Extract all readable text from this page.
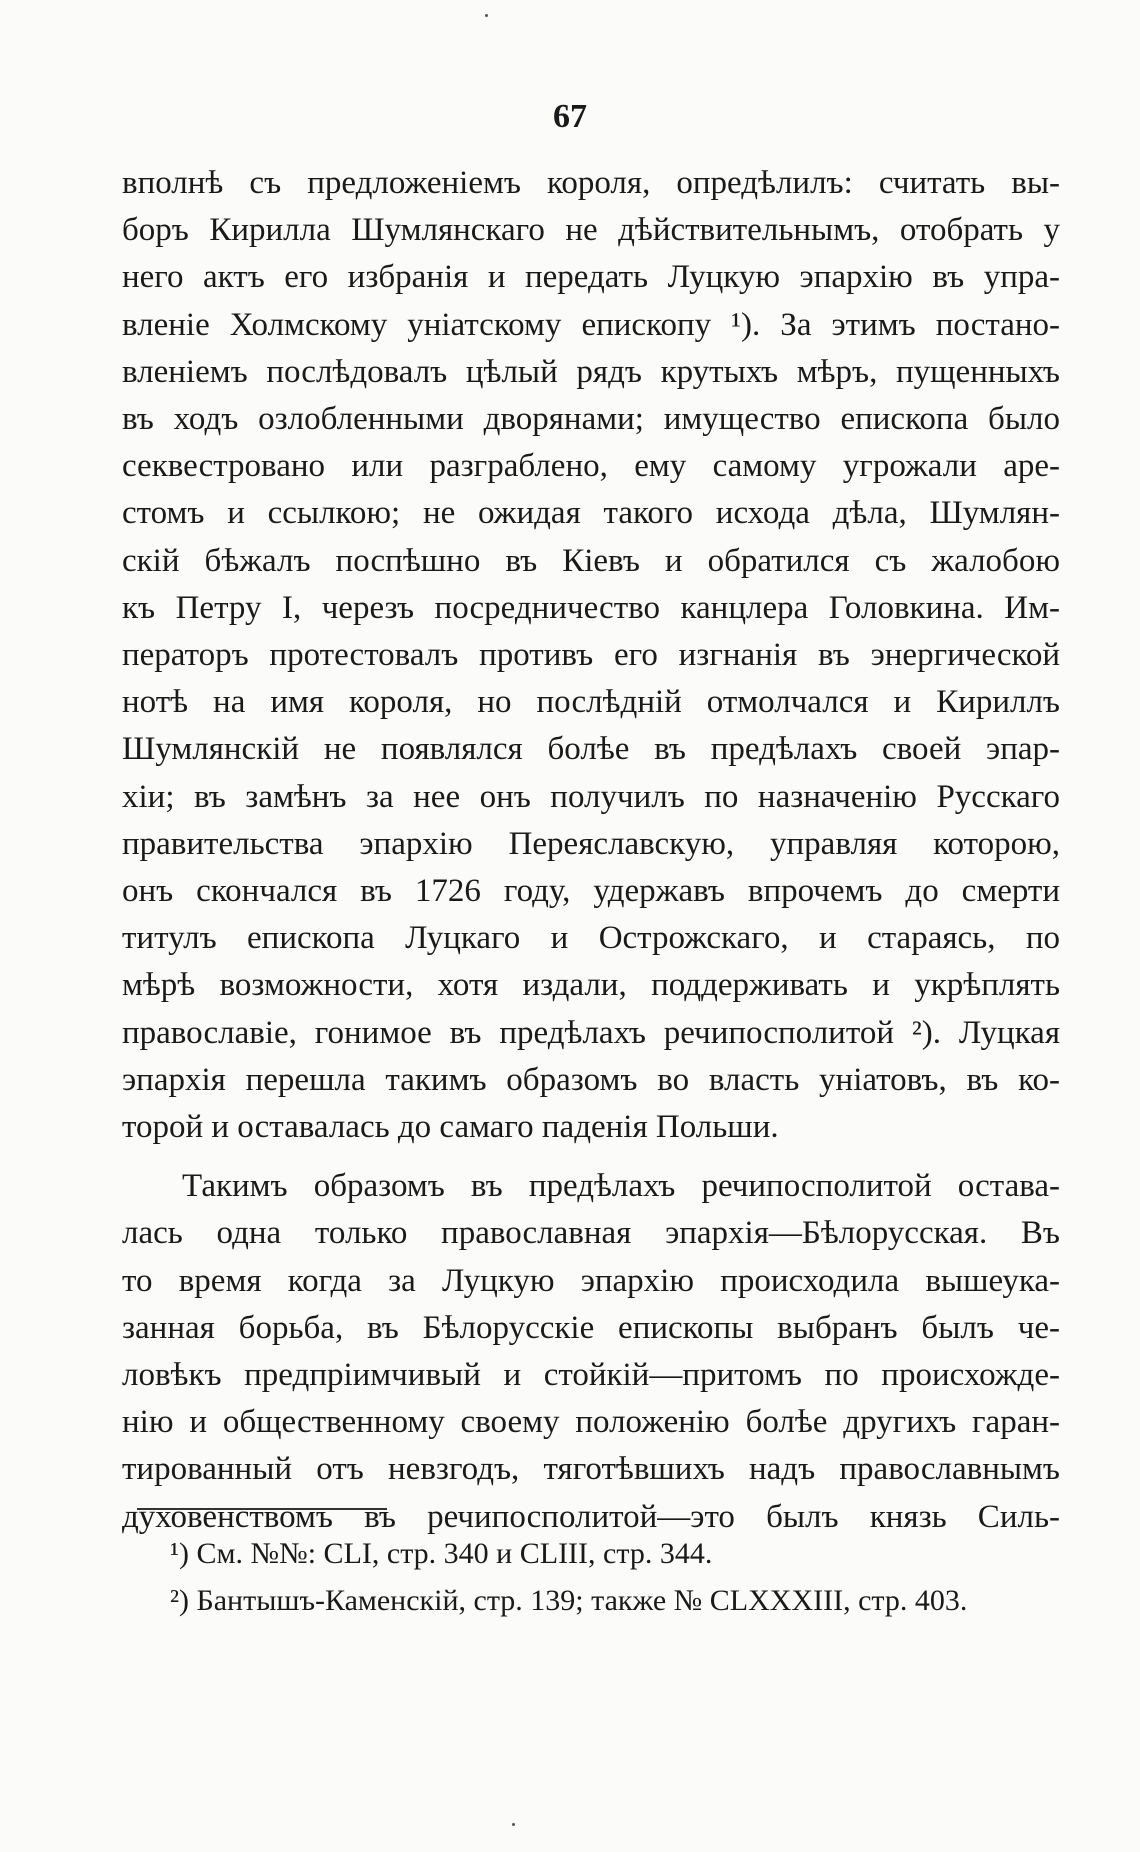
67
вполнѣ съ предложеніемъ короля, опредѣлилъ: считать вы-
боръ Кирилла Шумлянскаго не дѣйствительнымъ, отобрать у
него актъ его избранія и передать Луцкую эпархію въ упра-
вленіе Холмскому уніатскому епископу ¹). За этимъ постано-
вленіемъ послѣдовалъ цѣлый рядъ крутыхъ мѣръ, пущенныхъ
въ ходъ озлобленными дворянами; имущество епископа было
секвестровано или разграблено, ему самому угрожали аре-
стомъ и ссылкою; не ожидая такого исхода дѣла, Шумлян-
скій бѣжалъ поспѣшно въ Кіевъ и обратился съ жалобою
къ Петру I, черезъ посредничество канцлера Головкина. Им-
ператоръ протестовалъ противъ его изгнанія въ энергической
нотѣ на имя короля, но послѣдній отмолчался и Кириллъ
Шумлянскій не появлялся болѣе въ предѣлахъ своей эпар-
хіи; въ замѣнъ за нее онъ получилъ по назначенію Русскаго
правительства эпархію Переяславскую, управляя которою,
онъ скончался въ 1726 году, удержавъ впрочемъ до смерти
титулъ епископа Луцкаго и Острожскаго, и стараясь, по
мѣрѣ возможности, хотя издали, поддерживать и укрѣплять
православіе, гонимое въ предѣлахъ речипосполитой ²). Луцкая
эпархія перешла такимъ образомъ во власть уніатовъ, въ ко-
торой и оставалась до самаго паденія Польши.
Такимъ образомъ въ предѣлахъ речипосполитой остава-
лась одна только православная эпархія—Бѣлорусская. Въ
то время когда за Луцкую эпархію происходила вышеука-
занная борьба, въ Бѣлорусскіе епископы выбранъ былъ че-
ловѣкъ предпріимчивый и стойкій—притомъ по происхожде-
нію и общественному своему положенію болѣе другихъ гаран-
тированный отъ невзгодъ, тяготѣвшихъ надъ православнымъ
духовенствомъ въ речипосполитой—это былъ князь Силь-
¹) См. №№: CLI, стр. 340 и CLIII, стр. 344.
²) Бантышъ-Каменскій, стр. 139; также № CLXXXIII, стр. 403.
